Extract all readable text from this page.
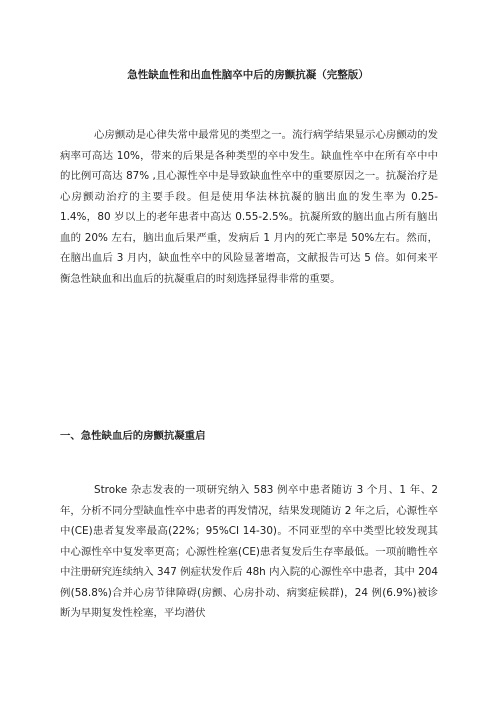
急性缺血性和出血性脑卒中后的房颤抗凝（完整版）

心房颤动是心律失常中最常见的类型之一。流行病学结果显示心房颤动的发病率可高达 10%，带来的后果是各种类型的卒中发生。缺血性卒中在所有卒中中的比例可高达 87% ,且心源性卒中是导致缺血性卒中的重要原因之一。抗凝治疗是心房颤动治疗的主要手段。但是使用华法林抗凝的脑出血的发生率为 0.25-1.4%，80 岁以上的老年患者中高达 0.55-2.5%。抗凝所致的脑出血占所有脑出血的 20% 左右，脑出血后果严重，发病后 1 月内的死亡率是 50%左右。然而，在脑出血后 3 月内，缺血性卒中的风险显著增高，文献报告可达 5 倍。如何来平衡急性缺血和出血后的抗凝重启的时刻选择显得非常的重要。

一、急性缺血后的房颤抗凝重启

Stroke 杂志发表的一项研究纳入 583 例卒中患者随访 3 个月、1 年、2 年，分析不同分型缺血性卒中患者的再发情况，结果发现随访 2 年之后，心源性卒中(CE)患者复发率最高(22%；95%CI 14-30)。不同亚型的卒中类型比较发现其中心源性卒中复发率更高；心源性栓塞(CE)患者复发后生存率最低。一项前瞻性卒中注册研究连续纳入 347 例症状发作后 48h 内入院的心源性卒中患者，其中 204 例(58.8%)合并心房节律障碍(房颤、心房扑动、病窦症候群)，24 例(6.9%)被诊断为早期复发性栓塞，平均潜伏
